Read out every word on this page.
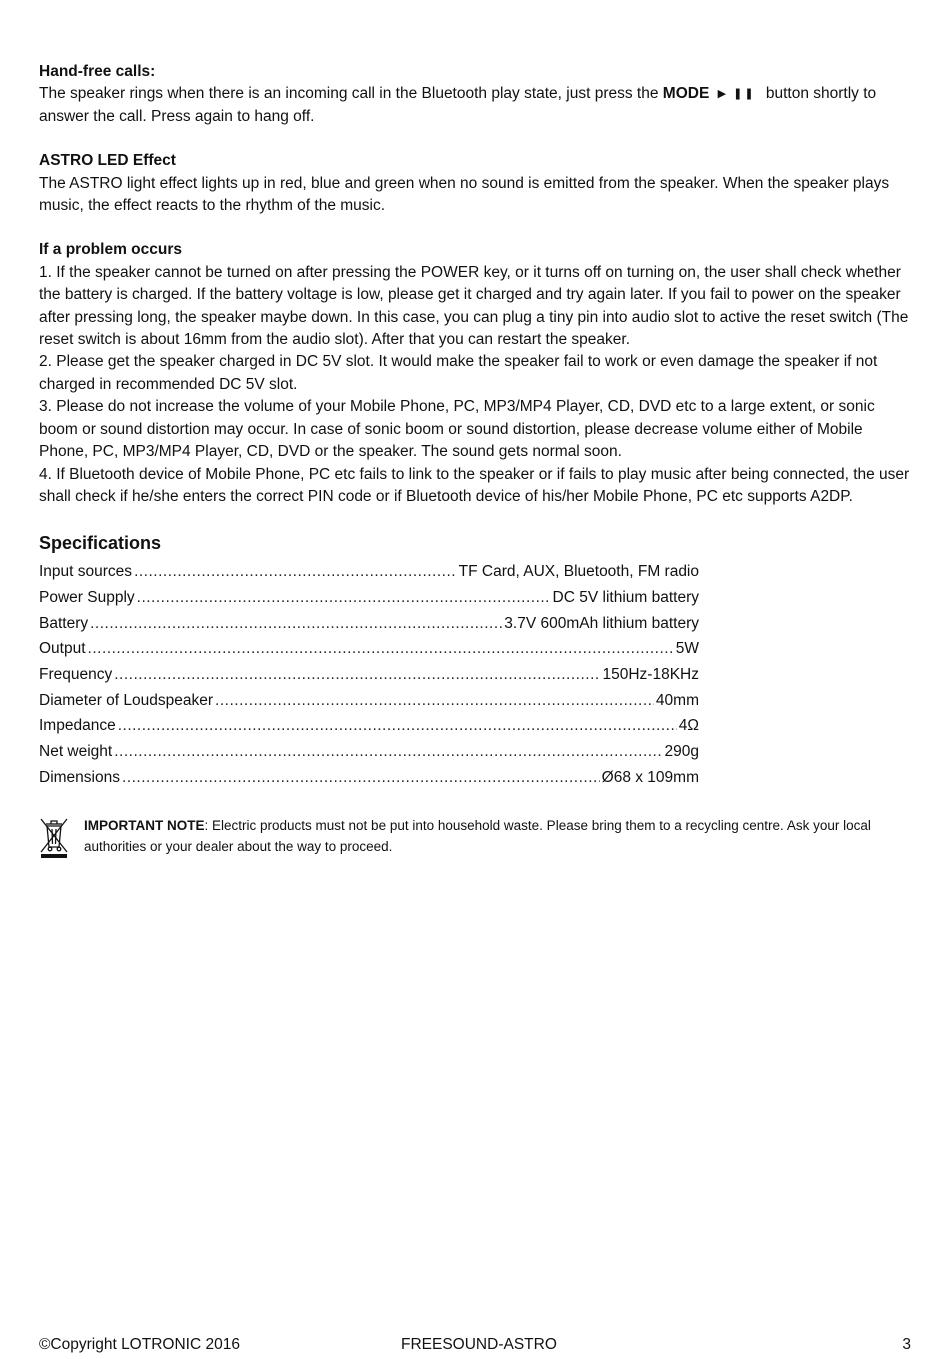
Hand-free calls:

The speaker rings when there is an incoming call in the Bluetooth play state, just press the MODE ▶ ❚❚ button shortly to answer the call. Press again to hang off.

ASTRO LED Effect

The ASTRO light effect lights up in red, blue and green when no sound is emitted from the speaker. When the speaker plays music, the effect reacts to the rhythm of the music.

If a problem occurs

1. If the speaker cannot be turned on after pressing the POWER key, or it turns off on turning on, the user shall check whether the battery is charged. If the battery voltage is low, please get it charged and try again later. If you fail to power on the speaker after pressing long, the speaker maybe down. In this case, you can plug a tiny pin into audio slot to active the reset switch (The reset switch is about 16mm from the audio slot). After that you can restart the speaker.

2. Please get the speaker charged in DC 5V slot. It would make the speaker fail to work or even damage the speaker if not charged in recommended DC 5V slot.

3. Please do not increase the volume of your Mobile Phone, PC, MP3/MP4 Player, CD, DVD etc to a large extent, or sonic boom or sound distortion may occur. In case of sonic boom or sound distortion, please decrease volume either of Mobile Phone, PC, MP3/MP4 Player, CD, DVD or the speaker. The sound gets normal soon.

4. If Bluetooth device of Mobile Phone, PC etc fails to link to the speaker or if fails to play music after being connected, the user shall check if he/she enters the correct PIN code or if Bluetooth device of his/her Mobile Phone, PC etc supports A2DP.

Specifications

Input sources .....	TF Card, AUX, Bluetooth, FM radio
Power Supply .....	DC 5V lithium battery
Battery .....	3.7V 600mAh lithium battery
Output .....	5W
Frequency .....	150Hz-18KHz
Diameter of Loudspeaker .....	40mm
Impedance .....	4Ω
Net weight .....	290g
Dimensions .....	Ø68 x 109mm
IMPORTANT NOTE: Electric products must not be put into household waste. Please bring them to a recycling centre. Ask your local authorities or your dealer about the way to proceed.
©Copyright LOTRONIC 2016	FREESOUND-ASTRO	3
